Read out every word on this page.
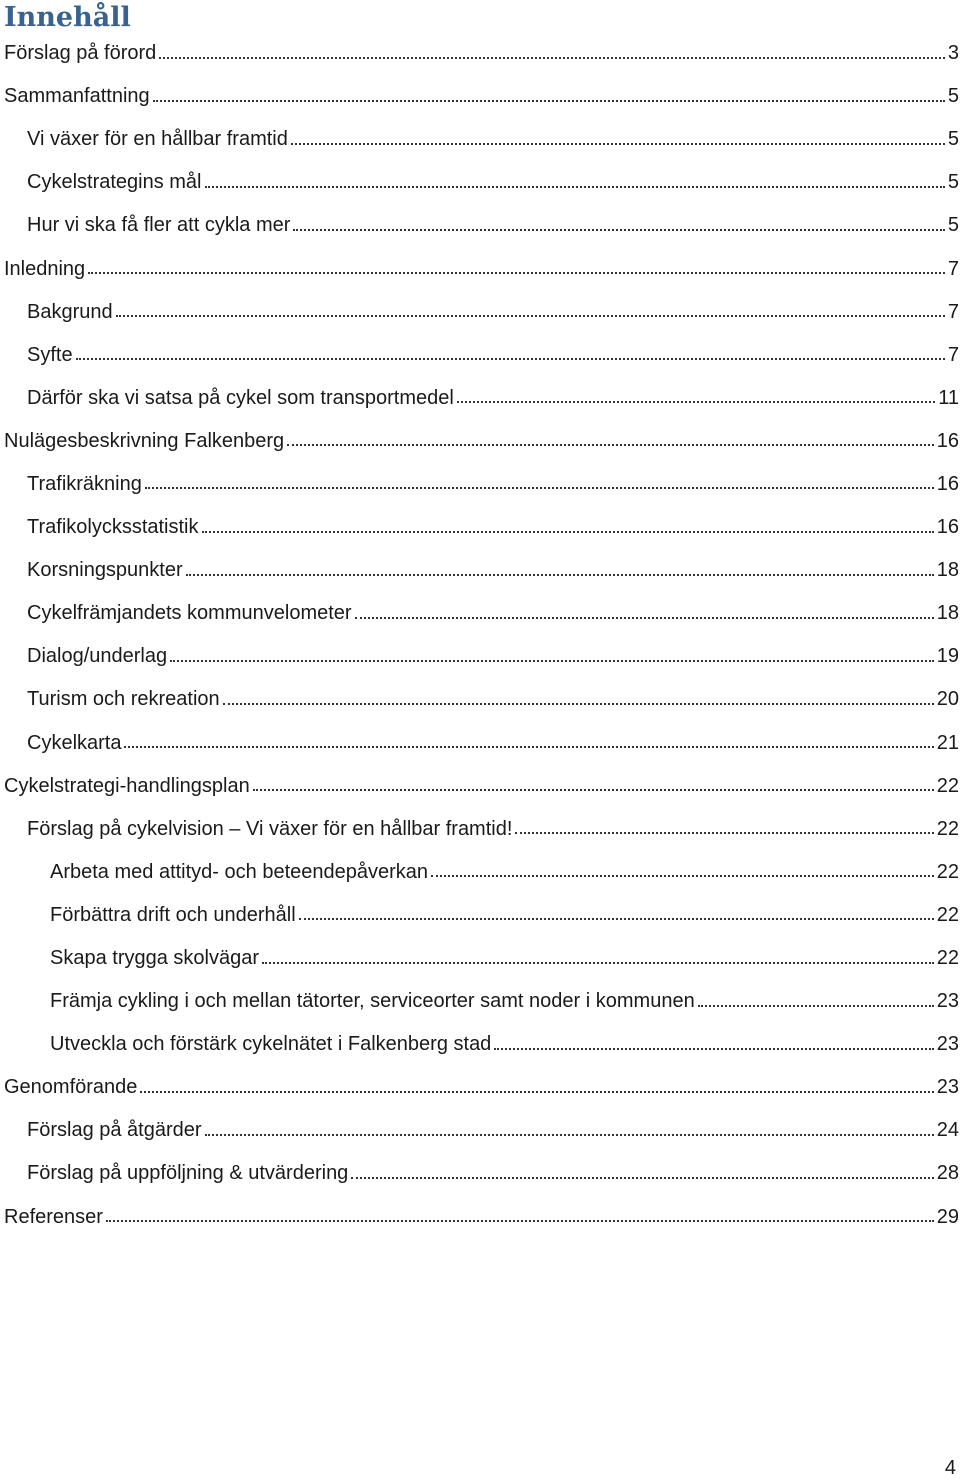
Innehåll
Förslag på förord	3
Sammanfattning	5
Vi växer för en hållbar framtid	5
Cykelstrategins mål	5
Hur vi ska få fler att cykla mer	5
Inledning	7
Bakgrund	7
Syfte	7
Därför ska vi satsa på cykel som transportmedel	11
Nulägesbeskrivning Falkenberg	16
Trafikräkning	16
Trafikolycksstatistik	16
Korsningspunkter	18
Cykelfrämjandets kommunvelometer	18
Dialog/underlag	19
Turism och rekreation	20
Cykelkarta	21
Cykelstrategi-handlingsplan	22
Förslag på cykelvision – Vi växer för en hållbar framtid!	22
Arbeta med attityd- och beteendepåverkan	22
Förbättra drift och underhåll	22
Skapa trygga skolvägar	22
Främja cykling i och mellan tätorter, serviceorter samt noder i kommunen	23
Utveckla och förstärk cykelnätet i Falkenberg stad	23
Genomförande	23
Förslag på åtgärder	24
Förslag på uppföljning & utvärdering	28
Referenser	29
4
